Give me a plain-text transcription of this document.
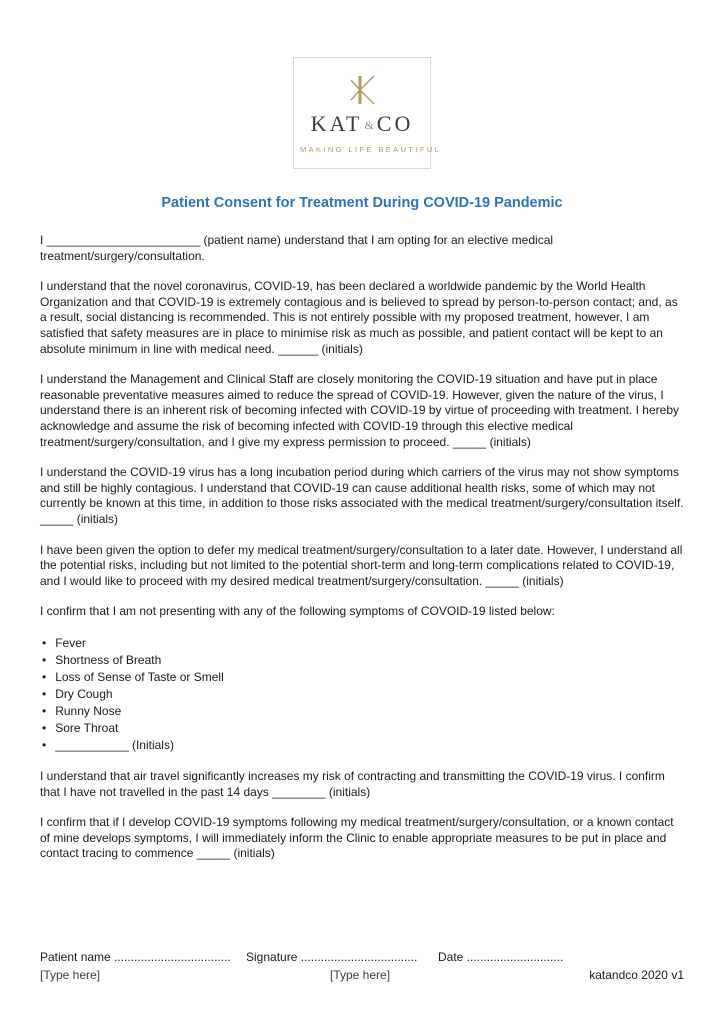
KAT &CO
MAKING LIFE BEAUTIFUL
Patient Consent for Treatment During COVID-19 Pandemic

I _______________________ (patient name) understand that I am opting for an elective medical treatment/surgery/consultation.

I understand that the novel coronavirus, COVID-19, has been declared a worldwide pandemic by the World Health Organization and that COVID-19 is extremely contagious and is believed to spread by person-to-person contact; and, as a result, social distancing is recommended. This is not entirely possible with my proposed treatment, however, I am satisfied that safety measures are in place to minimise risk as much as possible, and patient contact will be kept to an absolute minimum in line with medical need. ______ (initials)

I understand the Management and Clinical Staff are closely monitoring the COVID-19 situation and have put in place reasonable preventative measures aimed to reduce the spread of COVID-19. However, given the nature of the virus, I understand there is an inherent risk of becoming infected with COVID-19 by virtue of proceeding with treatment. I hereby acknowledge and assume the risk of becoming infected with COVID-19 through this elective medical treatment/surgery/consultation, and I give my express permission to proceed. _____ (initials)

I understand the COVID-19 virus has a long incubation period during which carriers of the virus may not show symptoms and still be highly contagious. I understand that COVID-19 can cause additional health risks, some of which may not currently be known at this time, in addition to those risks associated with the medical treatment/surgery/consultation itself. _____ (initials)

I have been given the option to defer my medical treatment/surgery/consultation to a later date. However, I understand all the potential risks, including but not limited to the potential short-term and long-term complications related to COVID-19, and I would like to proceed with my desired medical treatment/surgery/consultation. _____ (initials)

I confirm that I am not presenting with any of the following symptoms of COVOID-19 listed below:

• Fever
• Shortness of Breath
• Loss of Sense of Taste or Smell
• Dry Cough
• Runny Nose
• Sore Throat
• ___________ (Initials)

I understand that air travel significantly increases my risk of contracting and transmitting the COVID-19 virus. I confirm that I have not travelled in the past 14 days ________ (initials)

I confirm that if I develop COVID-19 symptoms following my medical treatment/surgery/consultation, or a known contact of mine develops symptoms, I will immediately inform the Clinic to enable appropriate measures to be put in place and contact tracing to commence _____ (initials)

Patient name ...................................	Signature ...................................	Date .............................
[Type here]	[Type here]	katandco 2020 v1
